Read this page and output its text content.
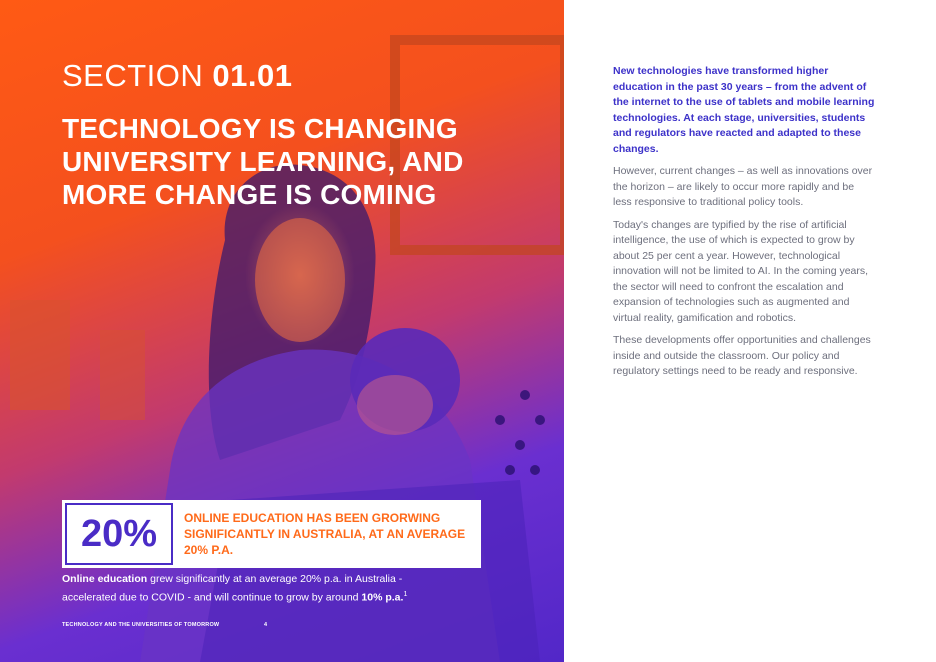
SECTION 01.01
TECHNOLOGY IS CHANGING UNIVERSITY LEARNING, AND MORE CHANGE IS COMING
20%	ONLINE EDUCATION HAS BEEN GRORWING SIGNIFICANTLY IN AUSTRALIA, AT AN AVERAGE 20% P.A.
Online education grew significantly at an average 20% p.a. in Australia - accelerated due to COVID - and will continue to grow by around 10% p.a.$^1$
TECHNOLOGY AND THE UNIVERSITIES OF TOMORROW	4

New technologies have transformed higher education in the past 30 years – from the advent of the internet to the use of tablets and mobile learning technologies. At each stage, universities, students and regulators have reacted and adapted to these changes.

However, current changes – as well as innovations over the horizon – are likely to occur more rapidly and be less responsive to traditional policy tools.

Today's changes are typified by the rise of artificial intelligence, the use of which is expected to grow by about 25 per cent a year. However, technological innovation will not be limited to AI. In the coming years, the sector will need to confront the escalation and expansion of technologies such as augmented and virtual reality, gamification and robotics.

These developments offer opportunities and challenges inside and outside the classroom. Our policy and regulatory settings need to be ready and responsive.
